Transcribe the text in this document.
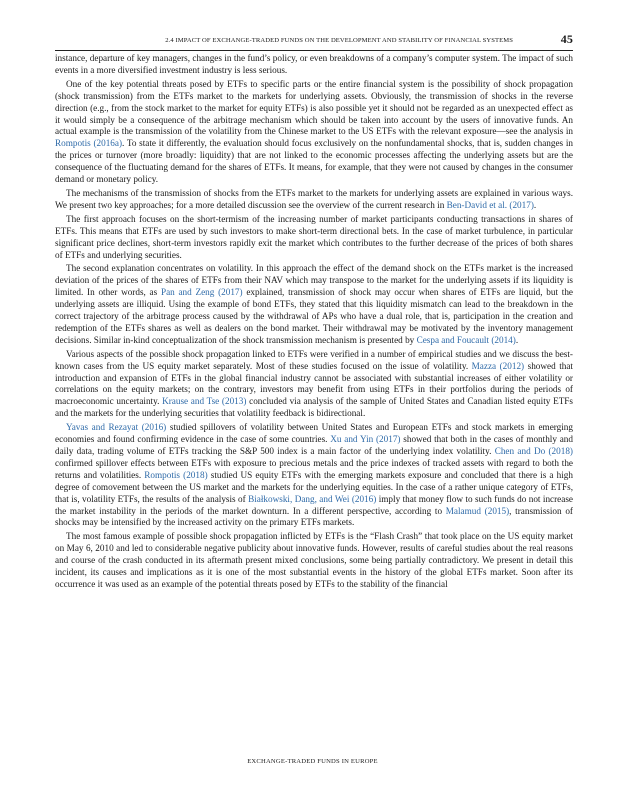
2.4 IMPACT OF EXCHANGE-TRADED FUNDS ON THE DEVELOPMENT AND STABILITY OF FINANCIAL SYSTEMS	45

instance, departure of key managers, changes in the fund’s policy, or even breakdowns of a company’s computer system. The impact of such events in a more diversified investment industry is less serious.

One of the key potential threats posed by ETFs to specific parts or the entire financial system is the possibility of shock propagation (shock transmission) from the ETFs market to the markets for underlying assets. Obviously, the transmission of shocks in the reverse direction (e.g., from the stock market to the market for equity ETFs) is also possible yet it should not be regarded as an unexpected effect as it would simply be a consequence of the arbitrage mechanism which should be taken into account by the users of innovative funds. An actual example is the transmission of the volatility from the Chinese market to the US ETFs with the relevant exposure—see the analysis in Rompotis (2016a). To state it differently, the evaluation should focus exclusively on the nonfundamental shocks, that is, sudden changes in the prices or turnover (more broadly: liquidity) that are not linked to the economic processes affecting the underlying assets but are the consequence of the fluctuating demand for the shares of ETFs. It means, for example, that they were not caused by changes in the consumer demand or monetary policy.

The mechanisms of the transmission of shocks from the ETFs market to the markets for underlying assets are explained in various ways. We present two key approaches; for a more detailed discussion see the overview of the current research in Ben-David et al. (2017).

The first approach focuses on the short-termism of the increasing number of market participants conducting transactions in shares of ETFs. This means that ETFs are used by such investors to make short-term directional bets. In the case of market turbulence, in particular significant price declines, short-term investors rapidly exit the market which contributes to the further decrease of the prices of both shares of ETFs and underlying securities.

The second explanation concentrates on volatility. In this approach the effect of the demand shock on the ETFs market is the increased deviation of the prices of the shares of ETFs from their NAV which may transpose to the market for the underlying assets if its liquidity is limited. In other words, as Pan and Zeng (2017) explained, transmission of shock may occur when shares of ETFs are liquid, but the underlying assets are illiquid. Using the example of bond ETFs, they stated that this liquidity mismatch can lead to the breakdown in the correct trajectory of the arbitrage process caused by the withdrawal of APs who have a dual role, that is, participation in the creation and redemption of the ETFs shares as well as dealers on the bond market. Their withdrawal may be motivated by the inventory management decisions. Similar in-kind conceptualization of the shock transmission mechanism is presented by Cespa and Foucault (2014).

Various aspects of the possible shock propagation linked to ETFs were verified in a number of empirical studies and we discuss the best-known cases from the US equity market separately. Most of these studies focused on the issue of volatility. Mazza (2012) showed that introduction and expansion of ETFs in the global financial industry cannot be associated with substantial increases of either volatility or correlations on the equity markets; on the contrary, investors may benefit from using ETFs in their portfolios during the periods of macroeconomic uncertainty. Krause and Tse (2013) concluded via analysis of the sample of United States and Canadian listed equity ETFs and the markets for the underlying securities that volatility feedback is bidirectional.

Yavas and Rezayat (2016) studied spillovers of volatility between United States and European ETFs and stock markets in emerging economies and found confirming evidence in the case of some countries. Xu and Yin (2017) showed that both in the cases of monthly and daily data, trading volume of ETFs tracking the S&P 500 index is a main factor of the underlying index volatility. Chen and Do (2018) confirmed spillover effects between ETFs with exposure to precious metals and the price indexes of tracked assets with regard to both the returns and volatilities. Rompotis (2018) studied US equity ETFs with the emerging markets exposure and concluded that there is a high degree of comovement between the US market and the markets for the underlying equities. In the case of a rather unique category of ETFs, that is, volatility ETFs, the results of the analysis of Białkowski, Dang, and Wei (2016) imply that money flow to such funds do not increase the market instability in the periods of the market downturn. In a different perspective, according to Malamud (2015), transmission of shocks may be intensified by the increased activity on the primary ETFs markets.

The most famous example of possible shock propagation inflicted by ETFs is the “Flash Crash” that took place on the US equity market on May 6, 2010 and led to considerable negative publicity about innovative funds. However, results of careful studies about the real reasons and course of the crash conducted in its aftermath present mixed conclusions, some being partially contradictory. We present in detail this incident, its causes and implications as it is one of the most substantial events in the history of the global ETFs market. Soon after its occurrence it was used as an example of the potential threats posed by ETFs to the stability of the financial

EXCHANGE-TRADED FUNDS IN EUROPE
